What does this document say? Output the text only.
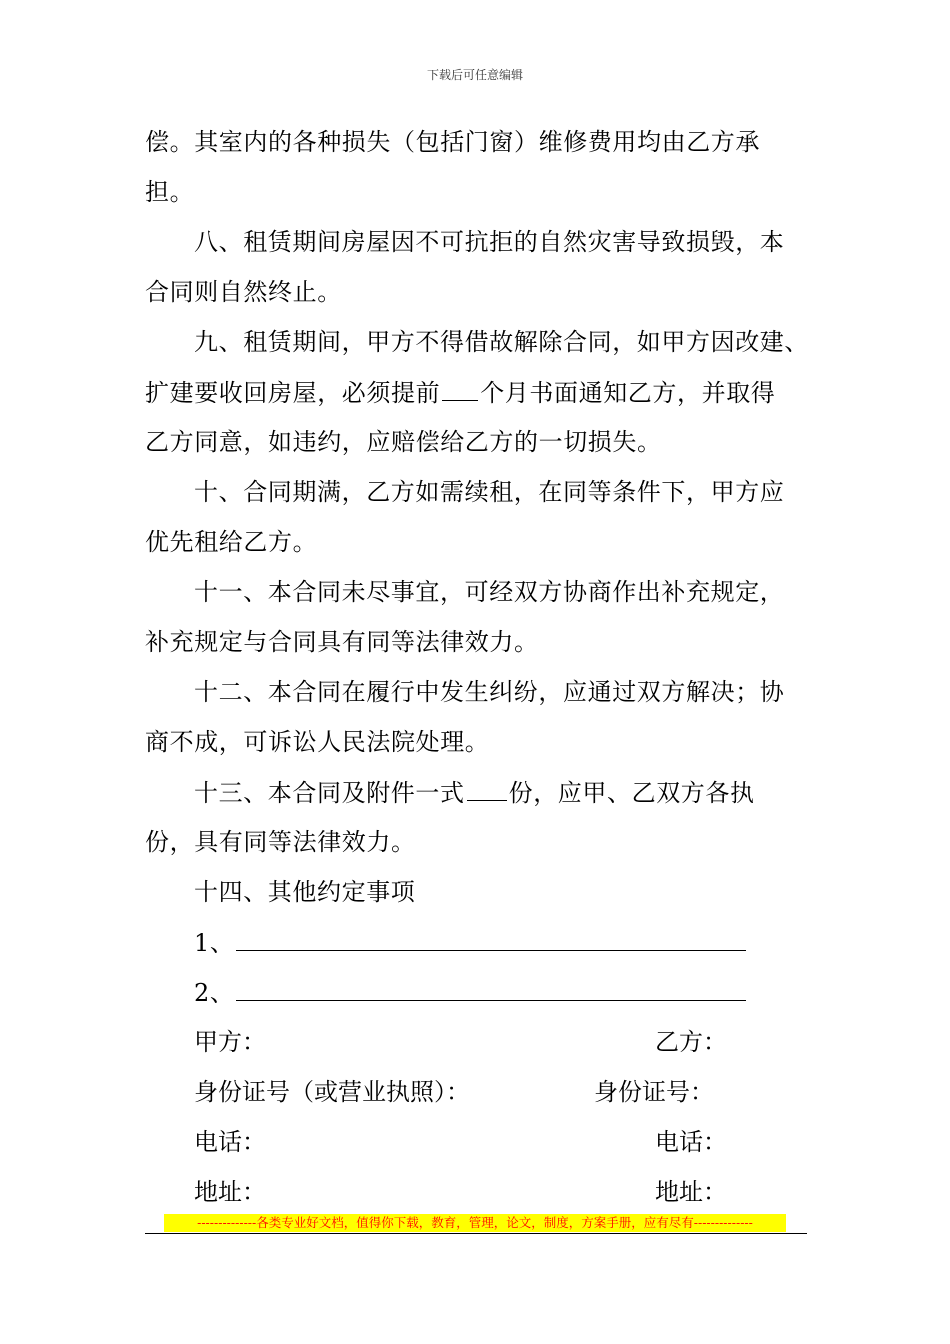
下载后可任意编辑
偿。其室内的各种损失（包括门窗）维修费用均由乙方承
担。
八、租赁期间房屋因不可抗拒的自然灾害导致损毁，本
合同则自然终止。
九、租赁期间，甲方不得借故解除合同，如甲方因改建、
扩建要收回房屋，必须提前 个月书面通知乙方，并取得
乙方同意，如违约，应赔偿给乙方的一切损失。
十、合同期满，乙方如需续租，在同等条件下，甲方应
优先租给乙方。
十一、本合同未尽事宜，可经双方协商作出补充规定，
补充规定与合同具有同等法律效力。
十二、本合同在履行中发生纠纷，应通过双方解决；协
商不成，可诉讼人民法院处理。
十三、本合同及附件一式 份，应甲、乙双方各执
份，具有同等法律效力。
十四、其他约定事项
1、
2、
甲方：	乙方：
身份证号（或营业执照）：	身份证号：
电话：	电话：
地址：	地址：
--------------各类专业好文档，值得你下载，教育，管理，论文，制度，方案手册，应有尽有--------------
